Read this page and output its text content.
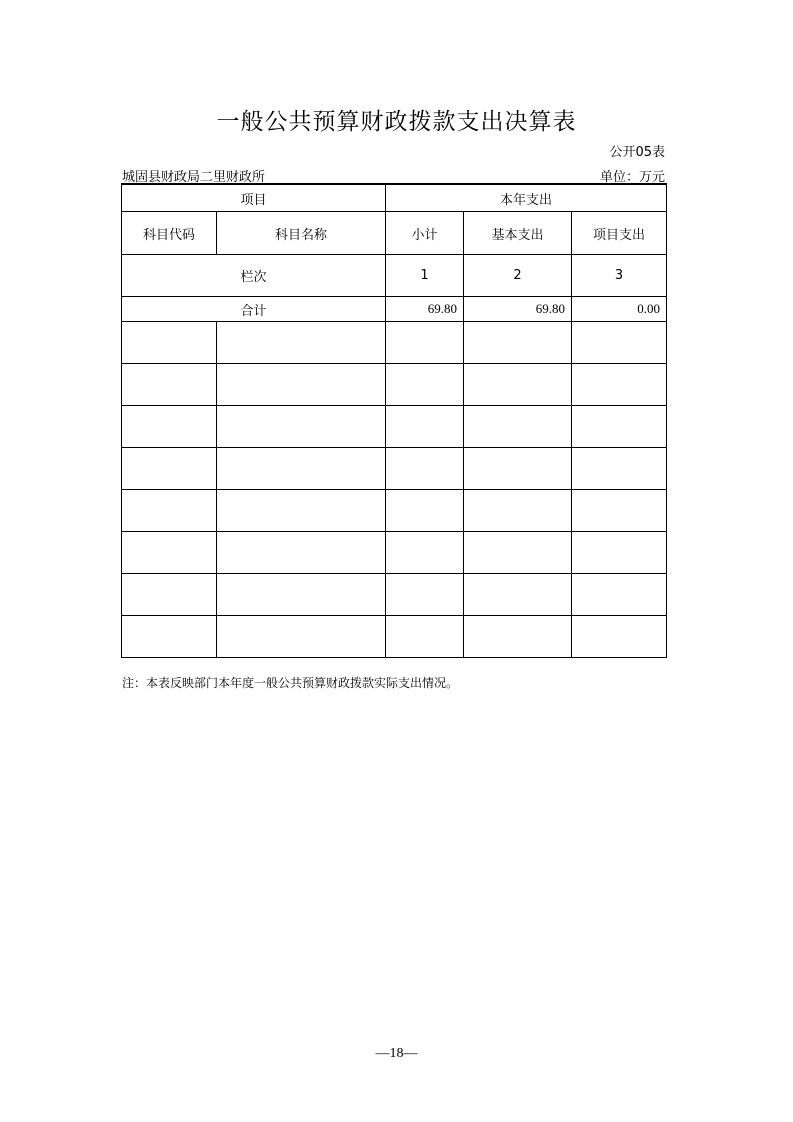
一般公共预算财政拨款支出决算表
公开05表
城固县财政局二里财政所	单位：万元
项目		本年支出		
科目代码	科目名称	小计	基本支出	项目支出
栏次		1	2	3
合计		69.80	69.80	0.00

注：本表反映部门本年度一般公共预算财政拨款实际支出情况。
—18—
